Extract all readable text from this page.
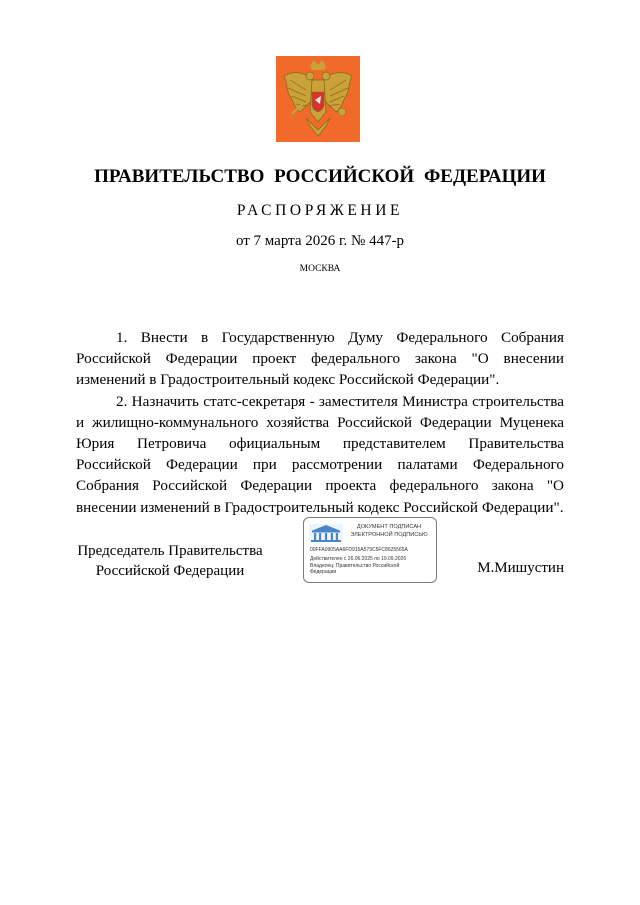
ПРАВИТЕЛЬСТВО РОССИЙСКОЙ ФЕДЕРАЦИИ
РАСПОРЯЖЕНИЕ
от 7 марта 2026 г. № 447-р
МОСКВА

1. Внести в Государственную Думу Федерального Собрания Российской Федерации проект федерального закона "О внесении изменений в Градостроительный кодекс Российской Федерации".

2. Назначить статс-секретаря - заместителя Министра строительства и жилищно-коммунального хозяйства Российской Федерации Муценека Юрия Петровича официальным представителем Правительства Российской Федерации при рассмотрении палатами Федерального Собрания Российской Федерации проекта федерального закона "О внесении изменений в Градостроительный кодекс Российской Федерации".

Председатель Правительства
Российской Федерации
ДОКУМЕНТ ПОДПИСАН
ЭЛЕКТРОННОЙ ПОДПИСЬЮ
00FFA0905AA6FD915A579C5FC8625565A
Действителен с 26.06.2025 по 19.09.2026
Владелец: Правительство Российской
Федерации	М.Мишустин
